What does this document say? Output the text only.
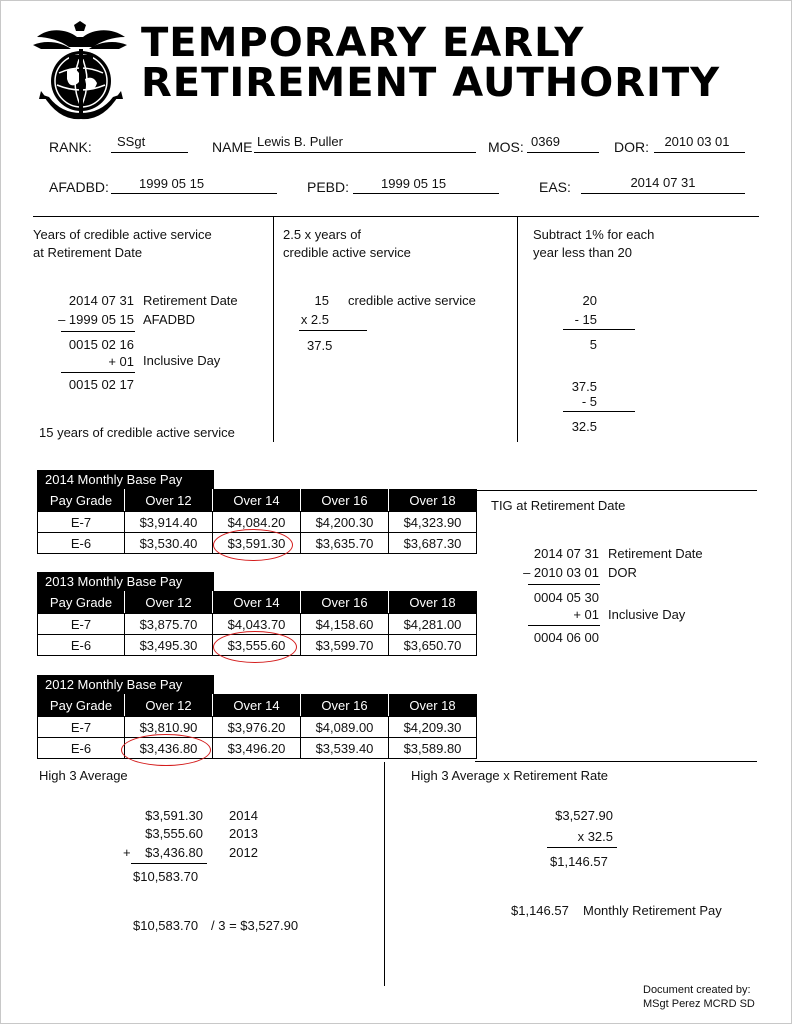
TEMPORARY EARLY
RETIREMENT AUTHORITY
RANK: SSgt	NAME Lewis B. Puller	MOS: 0369	DOR:	2010 03 01
AFADBD:	1999 05 15	PEBD:	1999 05 15	EAS:	2014 07 31
Years of credible active service
at Retirement Date
2014 07 31 Retirement Date
– 1999 05 15 AFADBD
0015 02 16
+ 01 Inclusive Day
0015 02 17
15 years of credible active service
2.5 x years of
credible active service
15 credible active service
x 2.5
37.5
Subtract 1% for each
year less than 20
20
- 15
5
37.5
- 5
32.5
2014 Monthly Base Pay
Pay Grade	Over 12	Over 14	Over 16	Over 18
E-7	$3,914.40	$4,084.20	$4,200.30	$4,323.90
E-6	$3,530.40	$3,591.30	$3,635.70	$3,687.30
2013 Monthly Base Pay
Pay Grade	Over 12	Over 14	Over 16	Over 18
E-7	$3,875.70	$4,043.70	$4,158.60	$4,281.00
E-6	$3,495.30	$3,555.60	$3,599.70	$3,650.70
2012 Monthly Base Pay
Pay Grade	Over 12	Over 14	Over 16	Over 18
E-7	$3,810.90	$3,976.20	$4,089.00	$4,209.30
E-6	$3,436.80	$3,496.20	$3,539.40	$3,589.80
TIG at Retirement Date
2014 07 31 Retirement Date
– 2010 03 01 DOR
0004 05 30
+ 01 Inclusive Day
0004 06 00
High 3 Average
$3,591.30 2014
$3,555.60 2013
+	$3,436.80 2012
$10,583.70
$10,583.70 / 3 = $3,527.90
High 3 Average x Retirement Rate
$3,527.90
x 32.5
$1,146.57
$1,146.57 Monthly Retirement Pay
Document created by:
MSgt Perez MCRD SD
